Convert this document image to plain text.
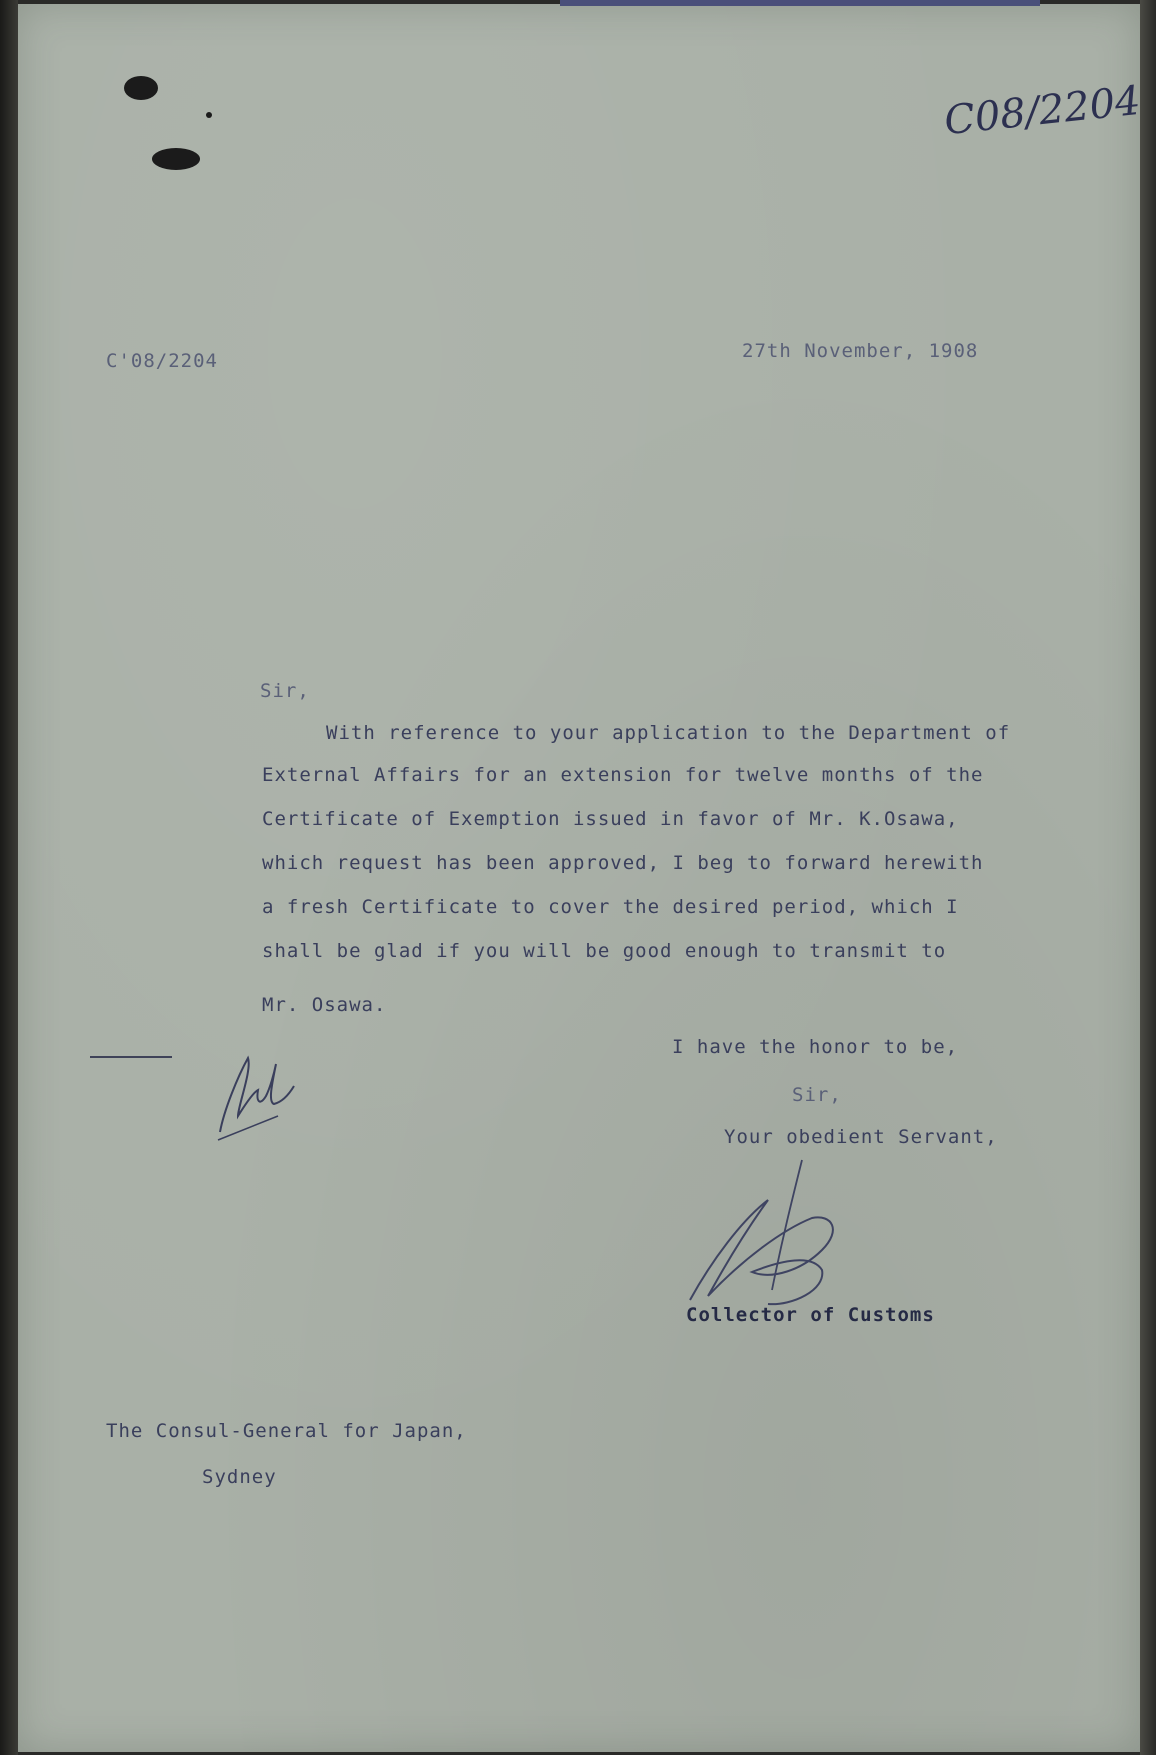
C08/2204
C'08/2204	27th November, 1908
Sir,
With reference to your application to the Department of
External Affairs for an extension for twelve months of the
Certificate of Exemption issued in favor of Mr. K.Osawa,
which request has been approved, I beg to forward herewith
a fresh Certificate to cover the desired period, which I
shall be glad if you will be good enough to transmit to
Mr. Osawa.
I have the honor to be,
Sir,
Your obedient Servant,
Collector of Customs
The Consul-General for Japan,
Sydney
